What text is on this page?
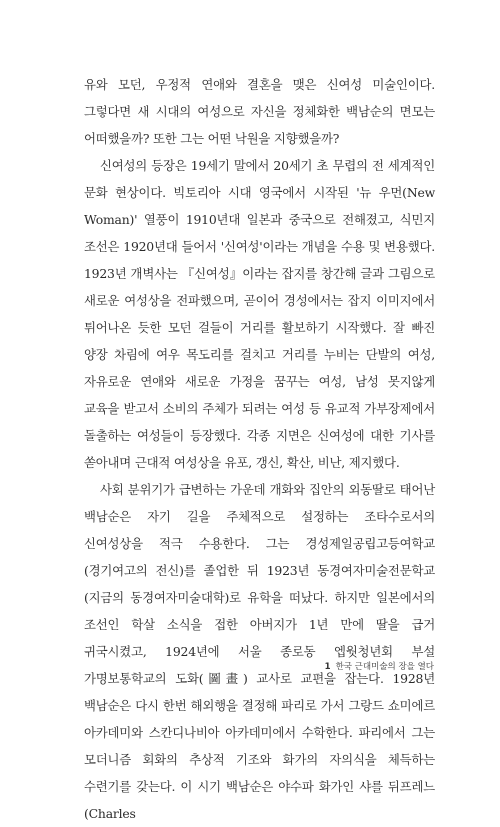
유와 모던, 우정적 연애와 결혼을 맺은 신여성 미술인이다. 그렇다면 새 시대의 여성으로 자신을 정체화한 백남순의 면모는 어떠했을까? 또한 그는 어떤 낙원을 지향했을까?

신여성의 등장은 19세기 말에서 20세기 초 무렵의 전 세계적인 문화 현상이다. 빅토리아 시대 영국에서 시작된 '뉴 우먼(New Woman)' 열풍이 1910년대 일본과 중국으로 전해졌고, 식민지 조선은 1920년대 들어서 '신여성'이라는 개념을 수용 및 변용했다. 1923년 개벽사는 『신여성』이라는 잡지를 창간해 글과 그림으로 새로운 여성상을 전파했으며, 곧이어 경성에서는 잡지 이미지에서 튀어나온 듯한 모던 걸들이 거리를 활보하기 시작했다. 잘 빠진 양장 차림에 여우 목도리를 걸치고 거리를 누비는 단발의 여성, 자유로운 연애와 새로운 가정을 꿈꾸는 여성, 남성 못지않게 교육을 받고서 소비의 주체가 되려는 여성 등 유교적 가부장제에서 돌출하는 여성들이 등장했다. 각종 지면은 신여성에 대한 기사를 쏟아내며 근대적 여성상을 유포, 갱신, 확산, 비난, 제지했다.

사회 분위기가 급변하는 가운데 개화와 집안의 외동딸로 태어난 백남순은 자기 길을 주체적으로 설정하는 조타수로서의 신여성상을 적극 수용한다. 그는 경성제일공립고등여학교(경기여고의 전신)를 졸업한 뒤 1923년 동경여자미술전문학교(지금의 동경여자미술대학)로 유학을 떠났다. 하지만 일본에서의 조선인 학살 소식을 접한 아버지가 1년 만에 딸을 급거 귀국시켰고, 1924년에 서울 종로동 엡웟청년회 부설 가명보통학교의 도화(圖畫) 교사로 교편을 잡는다. 1928년 백남순은 다시 한번 해외행을 결정해 파리로 가서 그랑드 쇼미에르 아카데미와 스칸디나비아 아카데미에서 수학한다. 파리에서 그는 모더니즘 회화의 추상적 기조와 화가의 자의식을 체득하는 수련기를 갖는다. 이 시기 백남순은 야수파 화가인 샤를 뒤프레느(Charles

1 한국 근대미술의 장을 열다
